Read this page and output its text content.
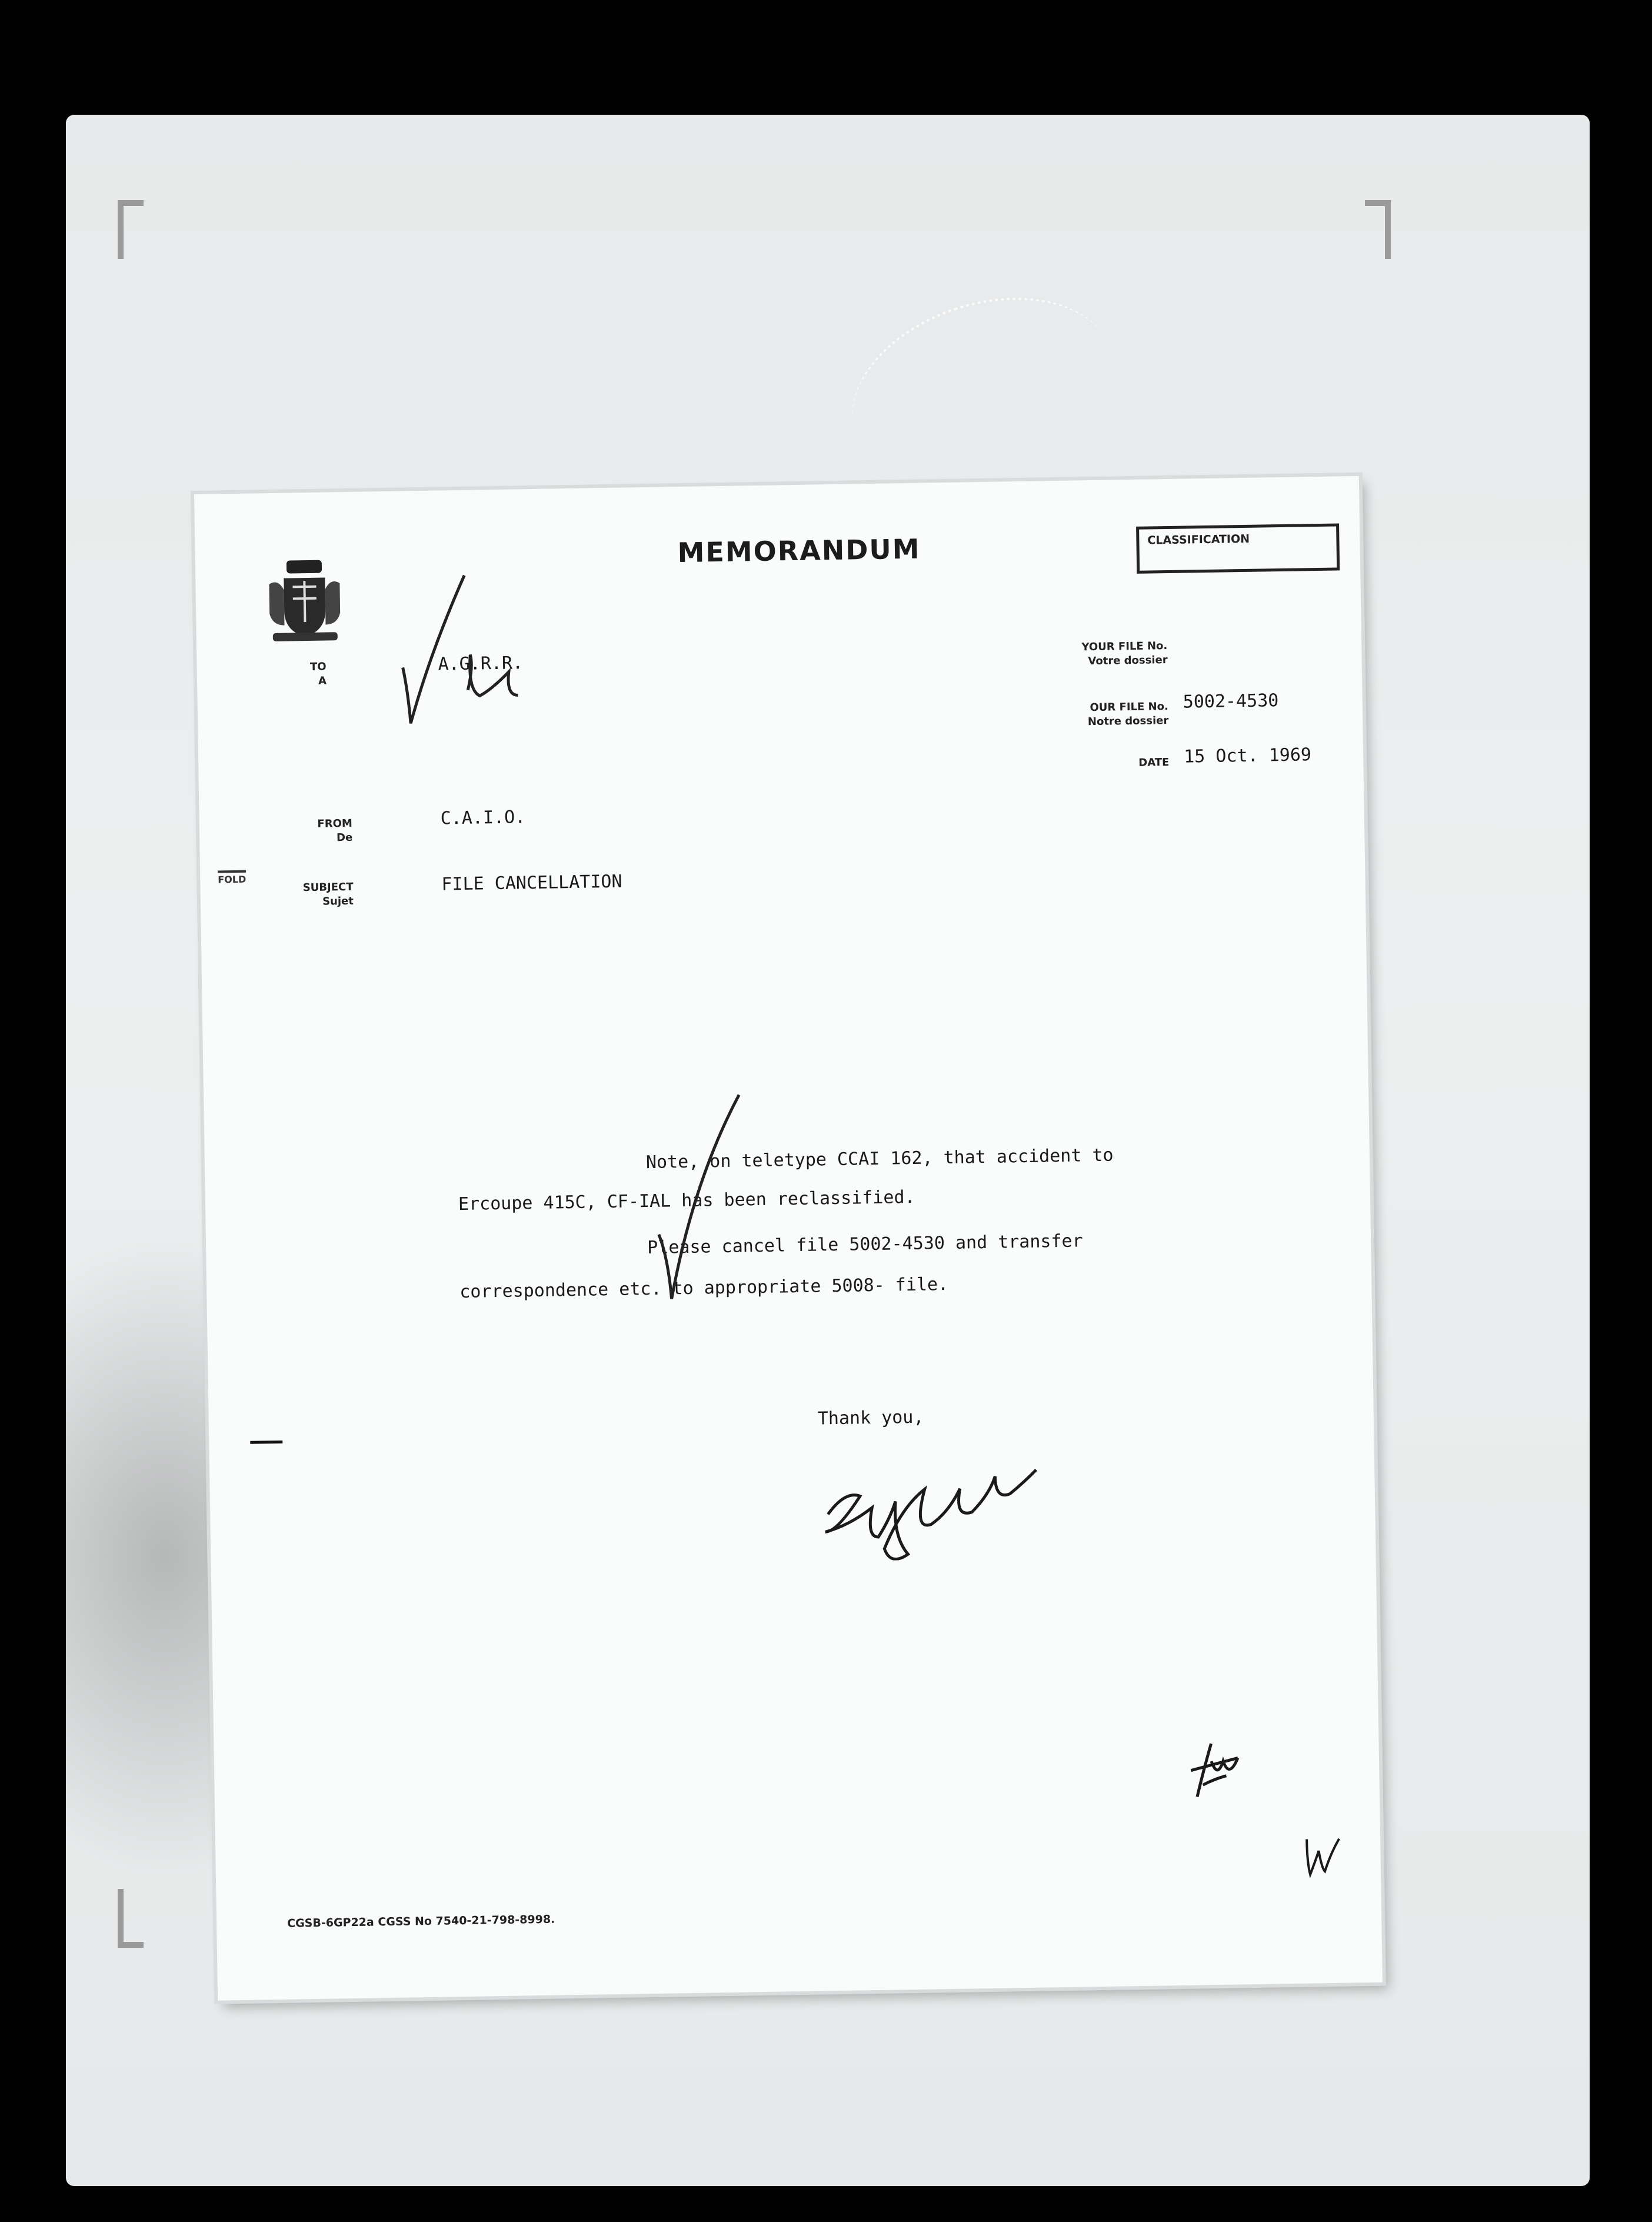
MEMORANDUM	CLASSIFICATION
TO
A
A.G.R.R.
YOUR FILE No.
Votre dossier
OUR FILE No.
Notre dossier
5002-4530
DATE 15 Oct. 1969
FROM
De
C.A.I.O.
FOLD
SUBJECT
Sujet
FILE CANCELLATION
Note, on teletype CCAI 162, that accident to
Ercoupe 415C, CF-IAL has been reclassified.
Please cancel file 5002-4530 and transfer
correspondence etc. to appropriate 5008- file.
Thank you,
CGSB-6GP22a CGSS No 7540-21-798-8998.
